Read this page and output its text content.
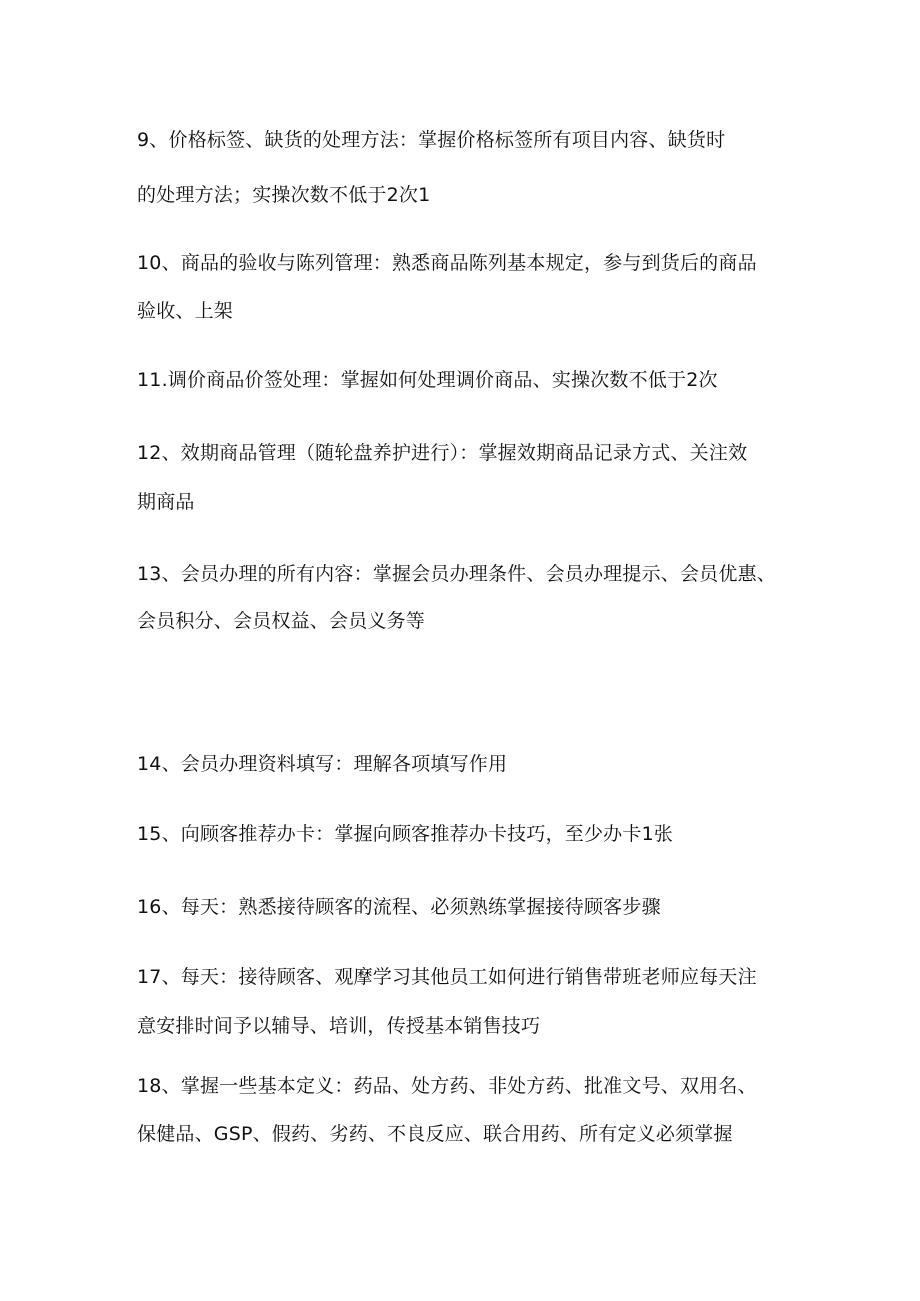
9、价格标签、缺货的处理方法：掌握价格标签所有项目内容、缺货时
的处理方法；实操次数不低于2次1
10、商品的验收与陈列管理：熟悉商品陈列基本规定，参与到货后的商品
验收、上架
11.调价商品价签处理：掌握如何处理调价商品、实操次数不低于2次
12、效期商品管理（随轮盘养护进行）：掌握效期商品记录方式、关注效
期商品
13、会员办理的所有内容：掌握会员办理条件、会员办理提示、会员优惠、
会员积分、会员权益、会员义务等
14、会员办理资料填写：理解各项填写作用
15、向顾客推荐办卡：掌握向顾客推荐办卡技巧，至少办卡1张
16、每天：熟悉接待顾客的流程、必须熟练掌握接待顾客步骤
17、每天：接待顾客、观摩学习其他员工如何进行销售带班老师应每天注
意安排时间予以辅导、培训，传授基本销售技巧
18、掌握一些基本定义：药品、处方药、非处方药、批准文号、双用名、
保健品、GSP、假药、劣药、不良反应、联合用药、所有定义必须掌握
